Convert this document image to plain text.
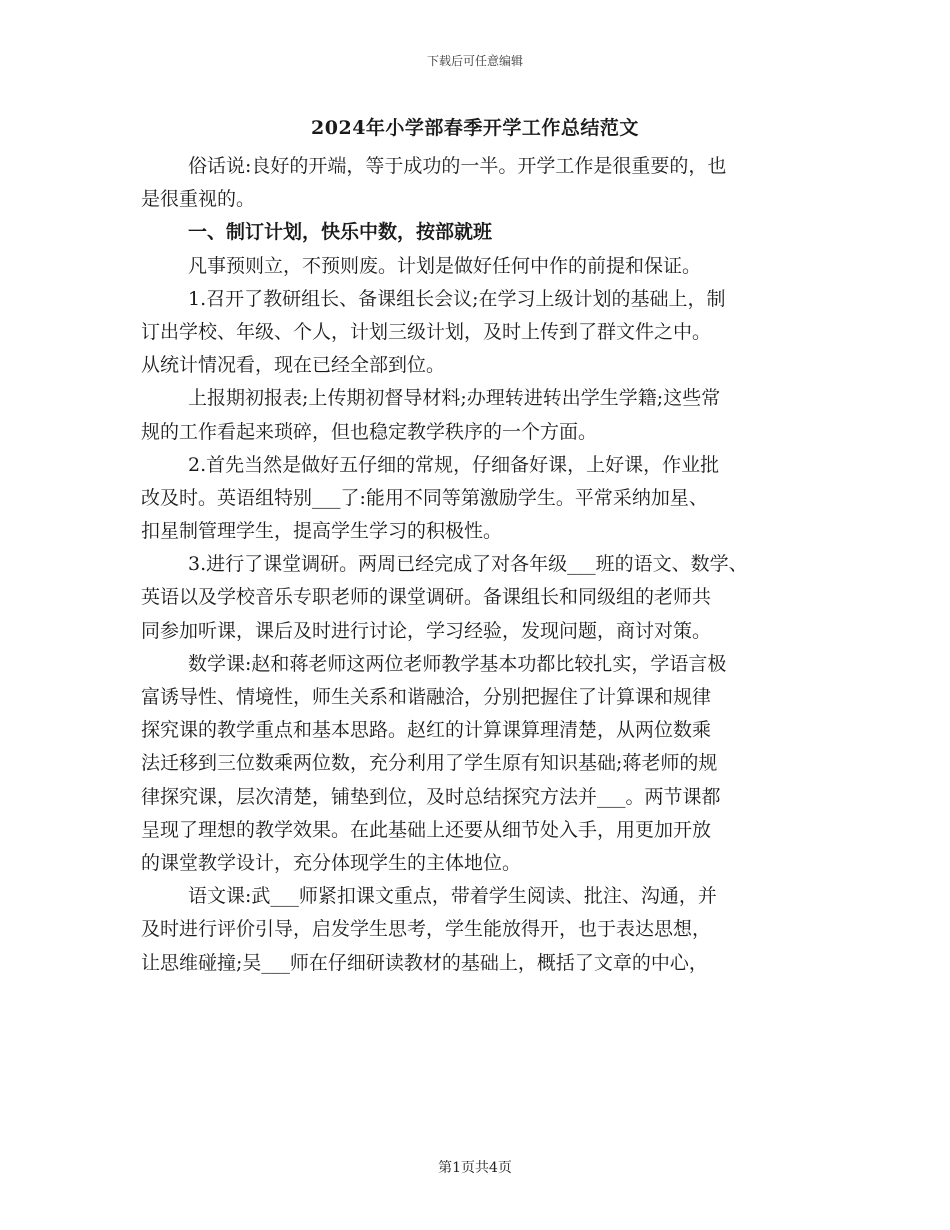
下载后可任意编辑
2024年小学部春季开学工作总结范文
俗话说:良好的开端，等于成功的一半。开学工作是很重要的，也
是很重视的。
一、制订计划，快乐中数，按部就班
凡事预则立，不预则废。计划是做好任何中作的前提和保证。
1.召开了教研组长、备课组长会议;在学习上级计划的基础上，制
订出学校、年级、个人，计划三级计划，及时上传到了群文件之中。
从统计情况看，现在已经全部到位。
上报期初报表;上传期初督导材料;办理转进转出学生学籍;这些常
规的工作看起来琐碎，但也稳定教学秩序的一个方面。
2.首先当然是做好五仔细的常规，仔细备好课，上好课，作业批
改及时。英语组特别___了:能用不同等第激励学生。平常采纳加星、
扣星制管理学生，提高学生学习的积极性。
3.进行了课堂调研。两周已经完成了对各年级___班的语文、数学、
英语以及学校音乐专职老师的课堂调研。备课组长和同级组的老师共
同参加听课，课后及时进行讨论，学习经验，发现问题，商讨对策。
数学课:赵和蒋老师这两位老师教学基本功都比较扎实，学语言极
富诱导性、情境性，师生关系和谐融洽，分别把握住了计算课和规律
探究课的教学重点和基本思路。赵红的计算课算理清楚，从两位数乘
法迁移到三位数乘两位数，充分利用了学生原有知识基础;蒋老师的规
律探究课，层次清楚，铺垫到位，及时总结探究方法并___。两节课都
呈现了理想的教学效果。在此基础上还要从细节处入手，用更加开放
的课堂教学设计，充分体现学生的主体地位。
语文课:武___师紧扣课文重点，带着学生阅读、批注、沟通，并
及时进行评价引导，启发学生思考，学生能放得开，也于表达思想，
让思维碰撞;吴___师在仔细研读教材的基础上，概括了文章的中心，
第1页共4页
